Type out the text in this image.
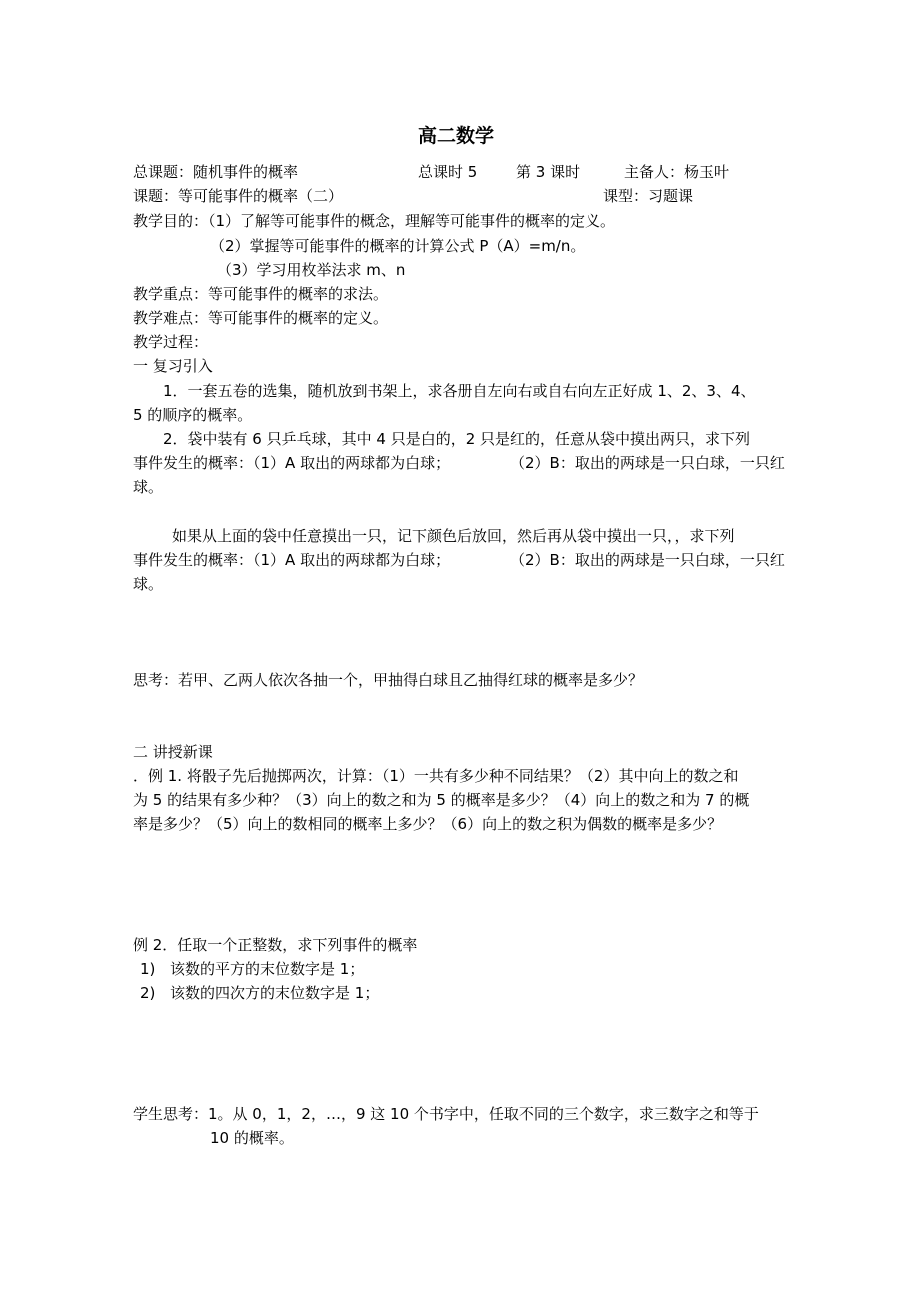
高二数学
总课题：随机事件的概率	总课时 5	第 3 课时	主备人：杨玉叶
课题：等可能事件的概率（二）	课型：习题课
教学目的：（1）了解等可能事件的概念，理解等可能事件的概率的定义。
（2）掌握等可能事件的概率的计算公式 P（A）=m/n。
（3）学习用枚举法求 m、n
教学重点：等可能事件的概率的求法。
教学难点：等可能事件的概率的定义。
教学过程：
一 复习引入
1．一套五卷的选集，随机放到书架上，求各册自左向右或自右向左正好成 1、2、3、4、
5 的顺序的概率。
2．袋中装有 6 只乒乓球，其中 4 只是白的，2 只是红的，任意从袋中摸出两只，求下列
事件发生的概率：（1）A 取出的两球都为白球；	（2）B：取出的两球是一只白球，一只红
球。
如果从上面的袋中任意摸出一只，记下颜色后放回，然后再从袋中摸出一只，，求下列
事件发生的概率：（1）A 取出的两球都为白球；	（2）B：取出的两球是一只白球，一只红
球。
思考：若甲、乙两人依次各抽一个，甲抽得白球且乙抽得红球的概率是多少？
二 讲授新课
．例 1. 将骰子先后抛掷两次，计算：（1）一共有多少种不同结果？（2）其中向上的数之和
为 5 的结果有多少种？（3）向上的数之和为 5 的概率是多少？（4）向上的数之和为 7 的概
率是多少？（5）向上的数相同的概率上多少？（6）向上的数之积为偶数的概率是多少？
例 2．任取一个正整数，求下列事件的概率
1) 该数的平方的末位数字是 1；
2) 该数的四次方的末位数字是 1；
学生思考：1。从 0，1，2，…，9 这 10 个书字中，任取不同的三个数字，求三数字之和等于
10 的概率。
